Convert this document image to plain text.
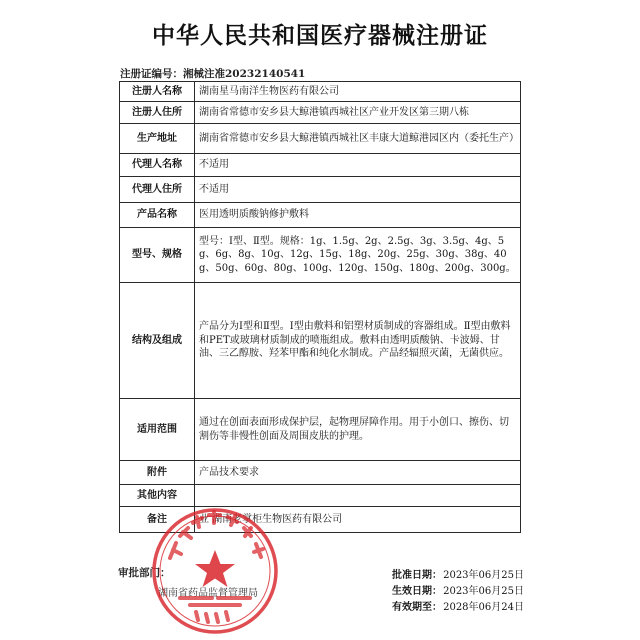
中华人民共和国医疗器械注册证
注册证编号：湘械注准20232140541
注册人名称	湖南星马南洋生物医药有限公司
注册人住所	湖南省常德市安乡县大鲸港镇西城社区产业开发区第三期八栋
生产地址	湖南省常德市安乡县大鲸港镇西城社区丰康大道鲸港园区内（委托生产）
代理人名称	不适用
代理人住所	不适用
产品名称	医用透明质酸钠修护敷料
型号、规格	型号：Ⅰ型、Ⅱ型。规格：1g、1.5g、2g、2.5g、3g、3.5g、4g、5g、6g、8g、10g、12g、15g、18g、20g、25g、30g、38g、40g、50g、60g、80g、100g、120g、150g、180g、200g、300g。
结构及组成	产品分为Ⅰ型和Ⅱ型。Ⅰ型由敷料和铝塑材质制成的容器组成。Ⅱ型由敷料和PET或玻璃材质制成的喷瓶组成。敷料由透明质酸钠、卡波姆、甘油、三乙醇胺、羟苯甲酯和纯化水制成。产品经辐照灭菌，无菌供应。
适用范围	通过在创面表面形成保护层，起物理屏障作用。用于小创口、擦伤、切割伤等非慢性创面及周围皮肤的护理。
附件	产品技术要求
其他内容	
备注	业 湖南老掌柜生物医药有限公司
审批部门：
湖南省药品监督管理局
批准日期： 2023年06月25日
生效日期： 2023年06月25日
有效期至： 2028年06月24日
